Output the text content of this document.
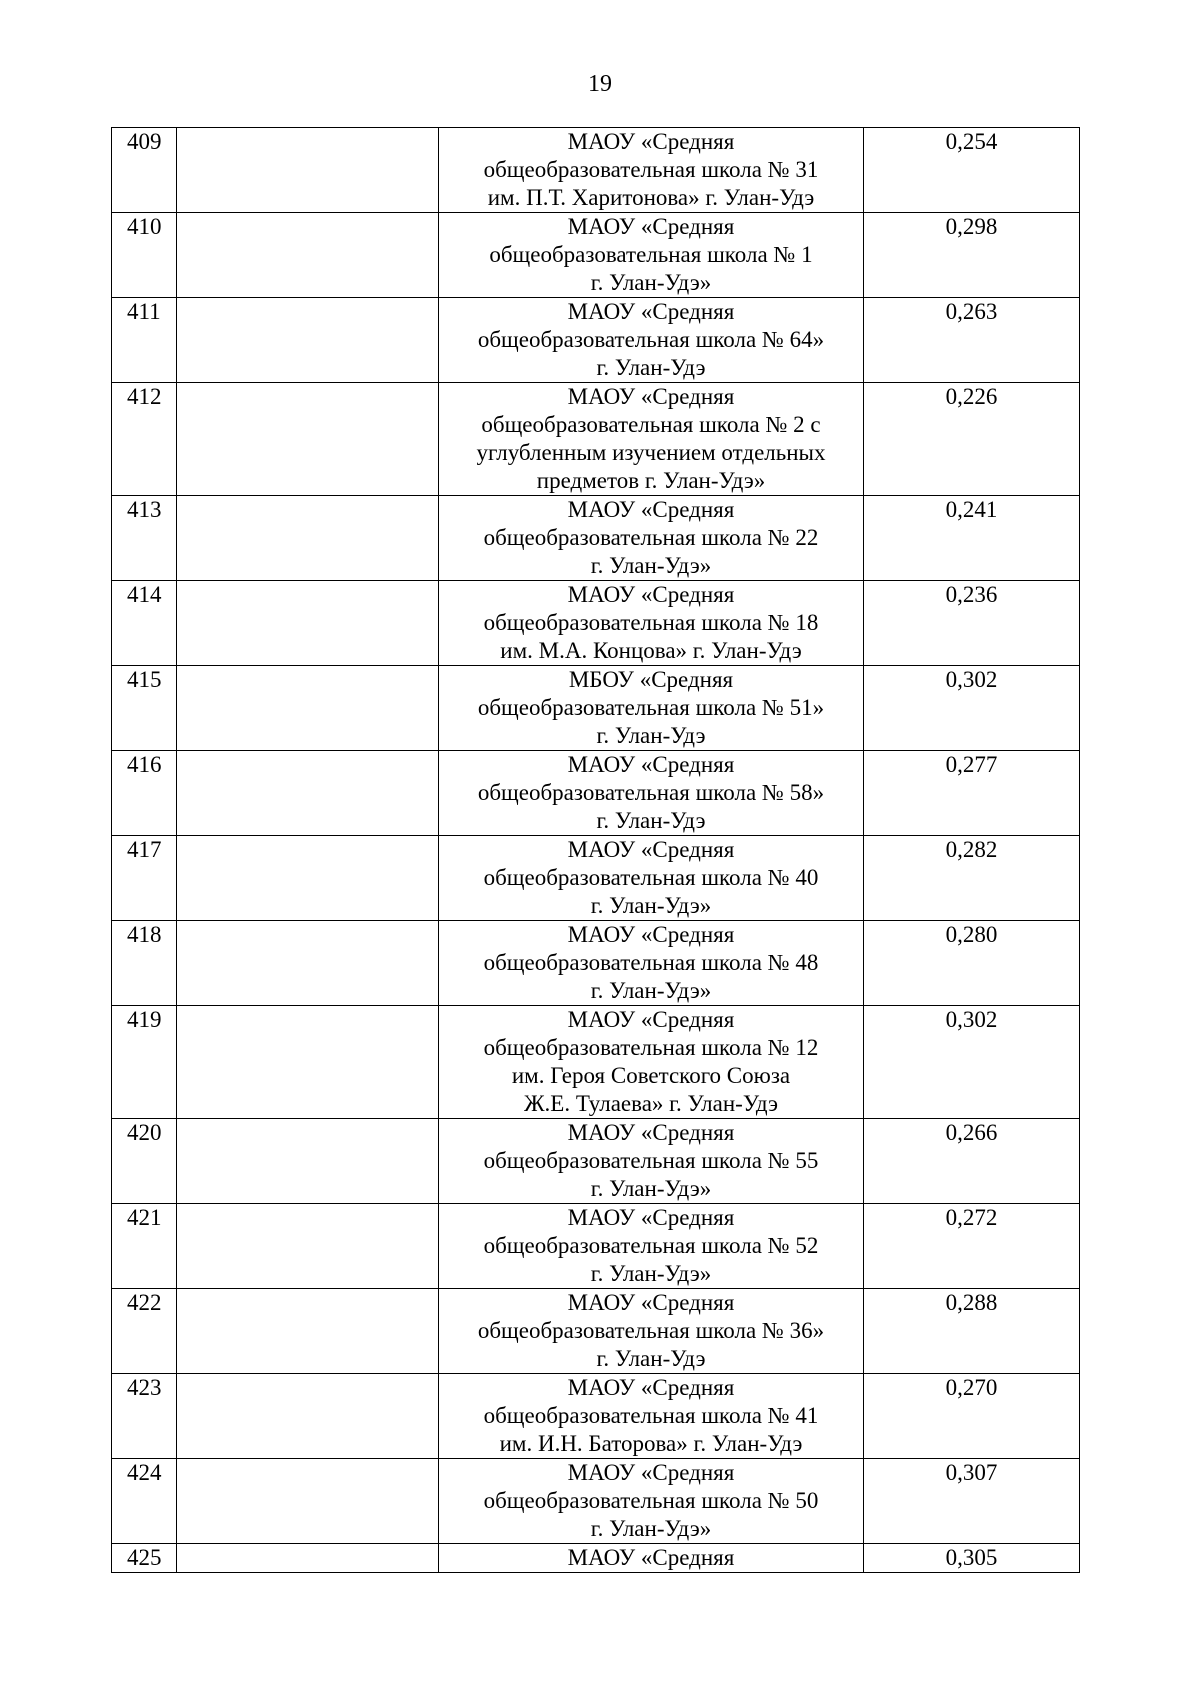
19
409		МАОУ «Средняя
общеобразовательная школа № 31
им. П.Т. Харитонова» г. Улан-Удэ	0,254

410		МАОУ «Средняя
общеобразовательная школа № 1
г. Улан-Удэ»	0,298

411		МАОУ «Средняя
общеобразовательная школа № 64»
г. Улан-Удэ	0,263

412		МАОУ «Средняя
общеобразовательная школа № 2 с
углубленным изучением отдельных
предметов г. Улан-Удэ»	0,226

413		МАОУ «Средняя
общеобразовательная школа № 22
г. Улан-Удэ»	0,241

414		МАОУ «Средняя
общеобразовательная школа № 18
им. М.А. Концова» г. Улан-Удэ	0,236

415		МБОУ «Средняя
общеобразовательная школа № 51»
г. Улан-Удэ	0,302

416		МАОУ «Средняя
общеобразовательная школа № 58»
г. Улан-Удэ	0,277

417		МАОУ «Средняя
общеобразовательная школа № 40
г. Улан-Удэ»	0,282

418		МАОУ «Средняя
общеобразовательная школа № 48
г. Улан-Удэ»	0,280

419		МАОУ «Средняя
общеобразовательная школа № 12
им. Героя Советского Союза
Ж.Е. Тулаева» г. Улан-Удэ	0,302

420		МАОУ «Средняя
общеобразовательная школа № 55
г. Улан-Удэ»	0,266

421		МАОУ «Средняя
общеобразовательная школа № 52
г. Улан-Удэ»	0,272

422		МАОУ «Средняя
общеобразовательная школа № 36»
г. Улан-Удэ	0,288

423		МАОУ «Средняя
общеобразовательная школа № 41
им. И.Н. Баторова» г. Улан-Удэ	0,270

424		МАОУ «Средняя
общеобразовательная школа № 50
г. Улан-Удэ»	0,307

425		МАОУ «Средняя	0,305
